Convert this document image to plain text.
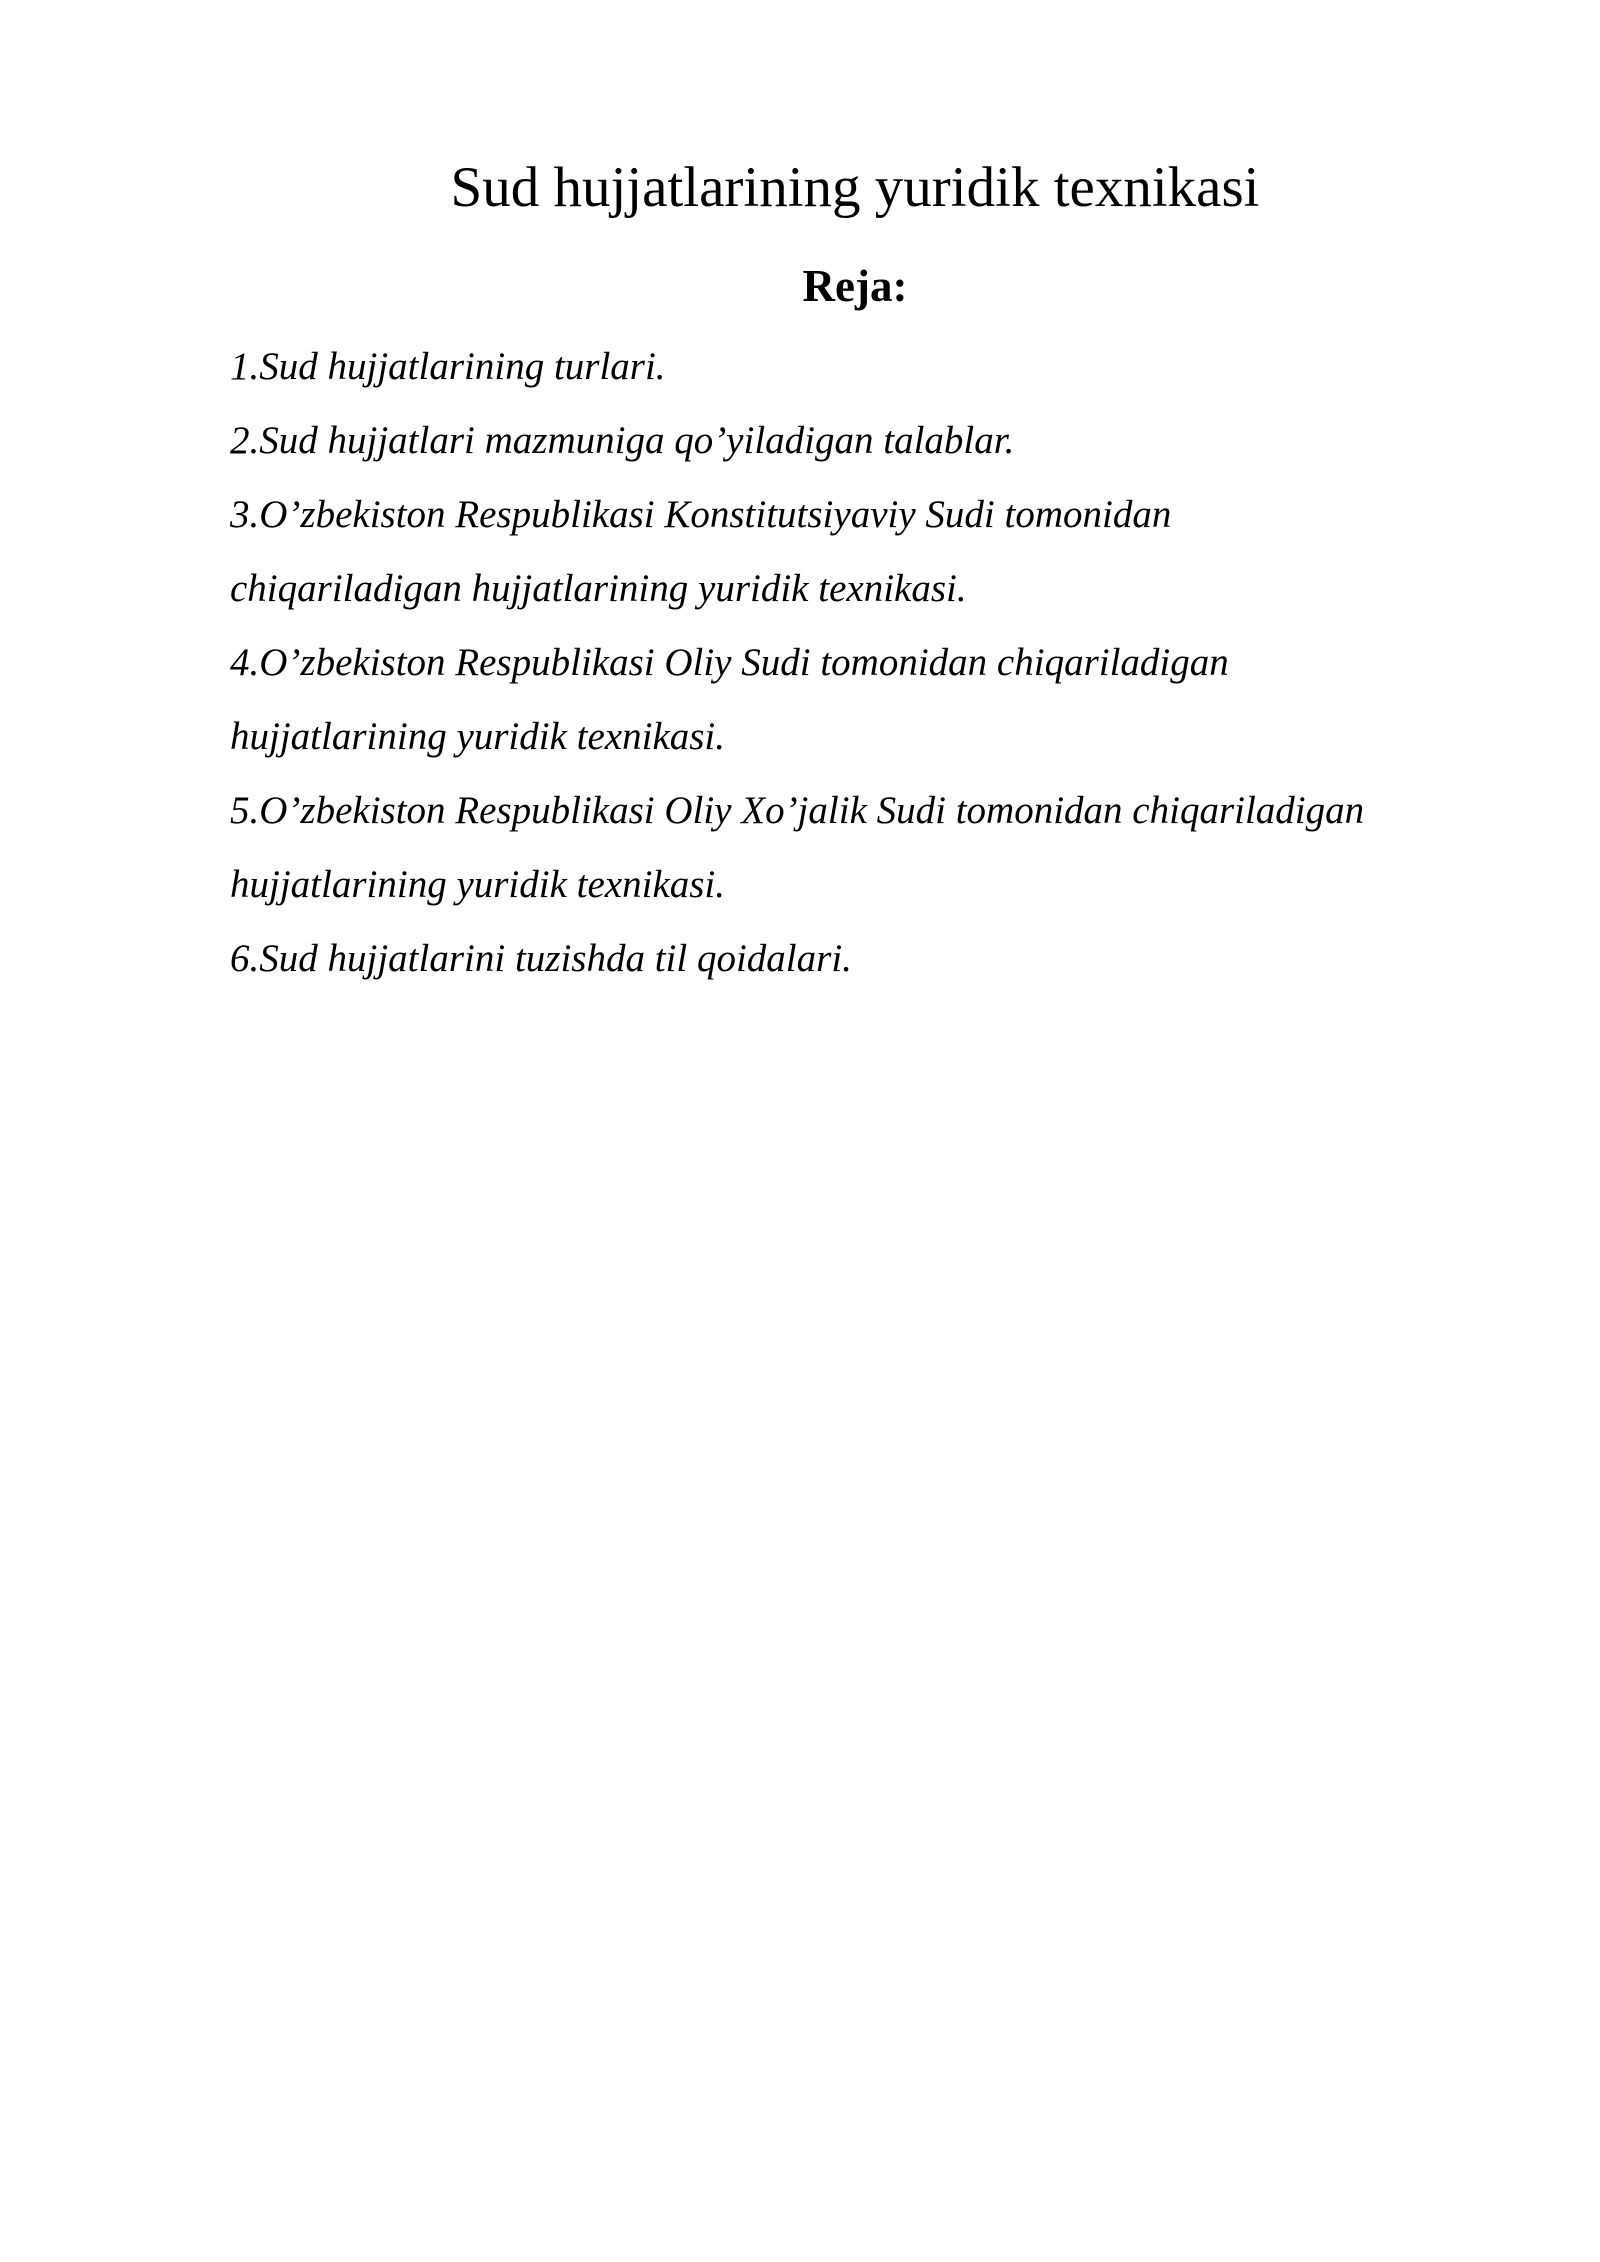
Sud hujjatlarining yuridik texnikasi
Reja:
1.Sud hujjatlarining turlari.
2.Sud hujjatlari mazmuniga qo’yiladigan talablar.
3.O’zbekiston Respublikasi Konstitutsiyaviy Sudi tomonidan
chiqariladigan hujjatlarining yuridik texnikasi.
4.O’zbekiston Respublikasi Oliy Sudi tomonidan chiqariladigan
hujjatlarining yuridik texnikasi.
5.O’zbekiston Respublikasi Oliy Xo’jalik Sudi tomonidan chiqariladigan
hujjatlarining yuridik texnikasi.
6.Sud hujjatlarini tuzishda til qoidalari.
